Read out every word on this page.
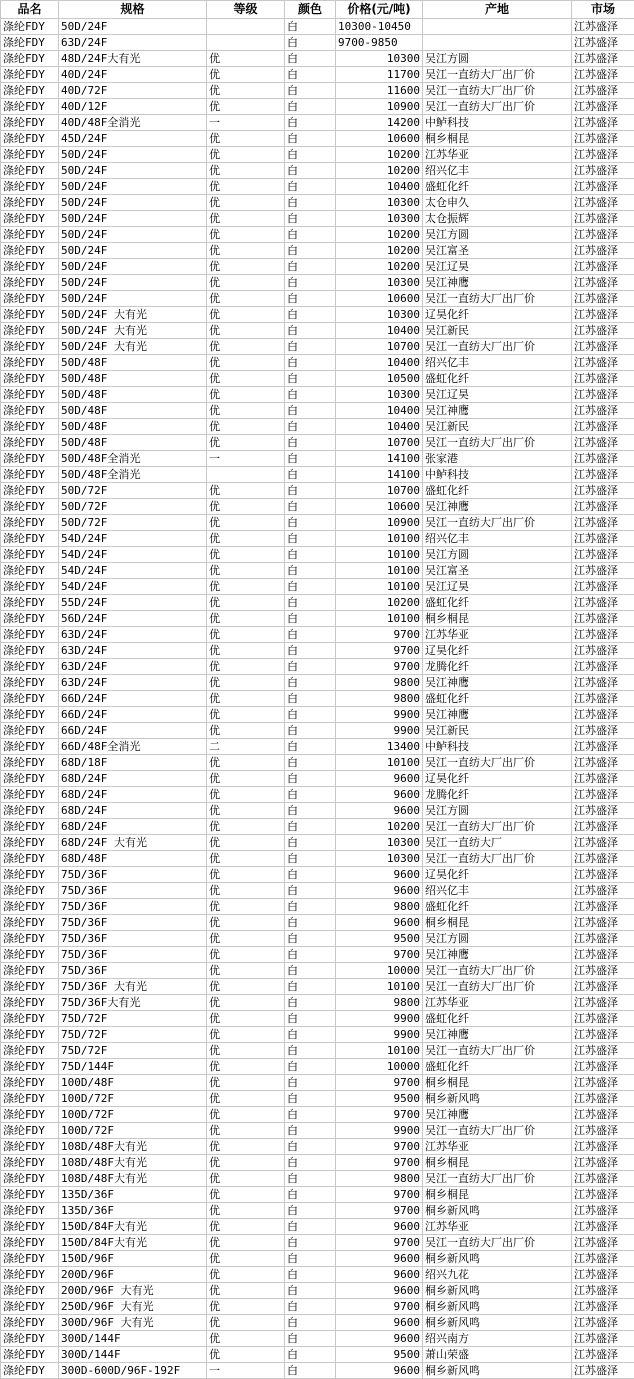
品名	规格	等级	颜色	价格(元/吨)	产地	市场
涤纶FDY	50D/24F		白	10300-10450		江苏盛泽
涤纶FDY	63D/24F		白	9700-9850		江苏盛泽
涤纶FDY	48D/24F大有光	优	白	10300	吴江方圆	江苏盛泽
涤纶FDY	40D/24F	优	白	11700	吴江一直纺大厂出厂价	江苏盛泽
涤纶FDY	40D/72F	优	白	11600	吴江一直纺大厂出厂价	江苏盛泽
涤纶FDY	40D/12F	优	白	10900	吴江一直纺大厂出厂价	江苏盛泽
涤纶FDY	40D/48F全消光	一	白	14200	中鲈科技	江苏盛泽
涤纶FDY	45D/24F	优	白	10600	桐乡桐昆	江苏盛泽
涤纶FDY	50D/24F	优	白	10200	江苏华亚	江苏盛泽
涤纶FDY	50D/24F	优	白	10200	绍兴亿丰	江苏盛泽
涤纶FDY	50D/24F	优	白	10400	盛虹化纤	江苏盛泽
涤纶FDY	50D/24F	优	白	10300	太仓申久	江苏盛泽
涤纶FDY	50D/24F	优	白	10300	太仓振辉	江苏盛泽
涤纶FDY	50D/24F	优	白	10200	吴江方圆	江苏盛泽
涤纶FDY	50D/24F	优	白	10200	吴江富圣	江苏盛泽
涤纶FDY	50D/24F	优	白	10200	吴江辽昊	江苏盛泽
涤纶FDY	50D/24F	优	白	10300	吴江神鹰	江苏盛泽
涤纶FDY	50D/24F	优	白	10600	吴江一直纺大厂出厂价	江苏盛泽
涤纶FDY	50D/24F 大有光	优	白	10300	辽昊化纤	江苏盛泽
涤纶FDY	50D/24F 大有光	优	白	10400	吴江新民	江苏盛泽
涤纶FDY	50D/24F 大有光	优	白	10700	吴江一直纺大厂出厂价	江苏盛泽
涤纶FDY	50D/48F	优	白	10400	绍兴亿丰	江苏盛泽
涤纶FDY	50D/48F	优	白	10500	盛虹化纤	江苏盛泽
涤纶FDY	50D/48F	优	白	10300	吴江辽昊	江苏盛泽
涤纶FDY	50D/48F	优	白	10400	吴江神鹰	江苏盛泽
涤纶FDY	50D/48F	优	白	10400	吴江新民	江苏盛泽
涤纶FDY	50D/48F	优	白	10700	吴江一直纺大厂出厂价	江苏盛泽
涤纶FDY	50D/48F全消光	一	白	14100	张家港	江苏盛泽
涤纶FDY	50D/48F全消光		白	14100	中鲈科技	江苏盛泽
涤纶FDY	50D/72F	优	白	10700	盛虹化纤	江苏盛泽
涤纶FDY	50D/72F	优	白	10600	吴江神鹰	江苏盛泽
涤纶FDY	50D/72F	优	白	10900	吴江一直纺大厂出厂价	江苏盛泽
涤纶FDY	54D/24F	优	白	10100	绍兴亿丰	江苏盛泽
涤纶FDY	54D/24F	优	白	10100	吴江方圆	江苏盛泽
涤纶FDY	54D/24F	优	白	10100	吴江富圣	江苏盛泽
涤纶FDY	54D/24F	优	白	10100	吴江辽昊	江苏盛泽
涤纶FDY	55D/24F	优	白	10200	盛虹化纤	江苏盛泽
涤纶FDY	56D/24F	优	白	10100	桐乡桐昆	江苏盛泽
涤纶FDY	63D/24F	优	白	9700	江苏华亚	江苏盛泽
涤纶FDY	63D/24F	优	白	9700	辽昊化纤	江苏盛泽
涤纶FDY	63D/24F	优	白	9700	龙腾化纤	江苏盛泽
涤纶FDY	63D/24F	优	白	9800	吴江神鹰	江苏盛泽
涤纶FDY	66D/24F	优	白	9800	盛虹化纤	江苏盛泽
涤纶FDY	66D/24F	优	白	9900	吴江神鹰	江苏盛泽
涤纶FDY	66D/24F	优	白	9900	吴江新民	江苏盛泽
涤纶FDY	66D/48F全消光	二	白	13400	中鲈科技	江苏盛泽
涤纶FDY	68D/18F	优	白	10100	吴江一直纺大厂出厂价	江苏盛泽
涤纶FDY	68D/24F	优	白	9600	辽昊化纤	江苏盛泽
涤纶FDY	68D/24F	优	白	9600	龙腾化纤	江苏盛泽
涤纶FDY	68D/24F	优	白	9600	吴江方圆	江苏盛泽
涤纶FDY	68D/24F	优	白	10200	吴江一直纺大厂出厂价	江苏盛泽
涤纶FDY	68D/24F 大有光	优	白	10300	吴江一直纺大厂	江苏盛泽
涤纶FDY	68D/48F	优	白	10300	吴江一直纺大厂出厂价	江苏盛泽
涤纶FDY	75D/36F	优	白	9600	辽昊化纤	江苏盛泽
涤纶FDY	75D/36F	优	白	9600	绍兴亿丰	江苏盛泽
涤纶FDY	75D/36F	优	白	9800	盛虹化纤	江苏盛泽
涤纶FDY	75D/36F	优	白	9600	桐乡桐昆	江苏盛泽
涤纶FDY	75D/36F	优	白	9500	吴江方圆	江苏盛泽
涤纶FDY	75D/36F	优	白	9700	吴江神鹰	江苏盛泽
涤纶FDY	75D/36F	优	白	10000	吴江一直纺大厂出厂价	江苏盛泽
涤纶FDY	75D/36F 大有光	优	白	10100	吴江一直纺大厂出厂价	江苏盛泽
涤纶FDY	75D/36F大有光	优	白	9800	江苏华亚	江苏盛泽
涤纶FDY	75D/72F	优	白	9900	盛虹化纤	江苏盛泽
涤纶FDY	75D/72F	优	白	9900	吴江神鹰	江苏盛泽
涤纶FDY	75D/72F	优	白	10100	吴江一直纺大厂出厂价	江苏盛泽
涤纶FDY	75D/144F	优	白	10000	盛虹化纤	江苏盛泽
涤纶FDY	100D/48F	优	白	9700	桐乡桐昆	江苏盛泽
涤纶FDY	100D/72F	优	白	9500	桐乡新风鸣	江苏盛泽
涤纶FDY	100D/72F	优	白	9700	吴江神鹰	江苏盛泽
涤纶FDY	100D/72F	优	白	9900	吴江一直纺大厂出厂价	江苏盛泽
涤纶FDY	108D/48F大有光	优	白	9700	江苏华亚	江苏盛泽
涤纶FDY	108D/48F大有光	优	白	9700	桐乡桐昆	江苏盛泽
涤纶FDY	108D/48F大有光	优	白	9800	吴江一直纺大厂出厂价	江苏盛泽
涤纶FDY	135D/36F	优	白	9700	桐乡桐昆	江苏盛泽
涤纶FDY	135D/36F	优	白	9700	桐乡新风鸣	江苏盛泽
涤纶FDY	150D/84F大有光	优	白	9600	江苏华亚	江苏盛泽
涤纶FDY	150D/84F大有光	优	白	9700	吴江一直纺大厂出厂价	江苏盛泽
涤纶FDY	150D/96F	优	白	9600	桐乡新风鸣	江苏盛泽
涤纶FDY	200D/96F	优	白	9600	绍兴九花	江苏盛泽
涤纶FDY	200D/96F 大有光	优	白	9600	桐乡新风鸣	江苏盛泽
涤纶FDY	250D/96F 大有光	优	白	9700	桐乡新风鸣	江苏盛泽
涤纶FDY	300D/96F 大有光	优	白	9600	桐乡新风鸣	江苏盛泽
涤纶FDY	300D/144F	优	白	9600	绍兴南方	江苏盛泽
涤纶FDY	300D/144F	优	白	9500	萧山荣盛	江苏盛泽
涤纶FDY	300D-600D/96F-192F	一	白	9600	桐乡新风鸣	江苏盛泽
